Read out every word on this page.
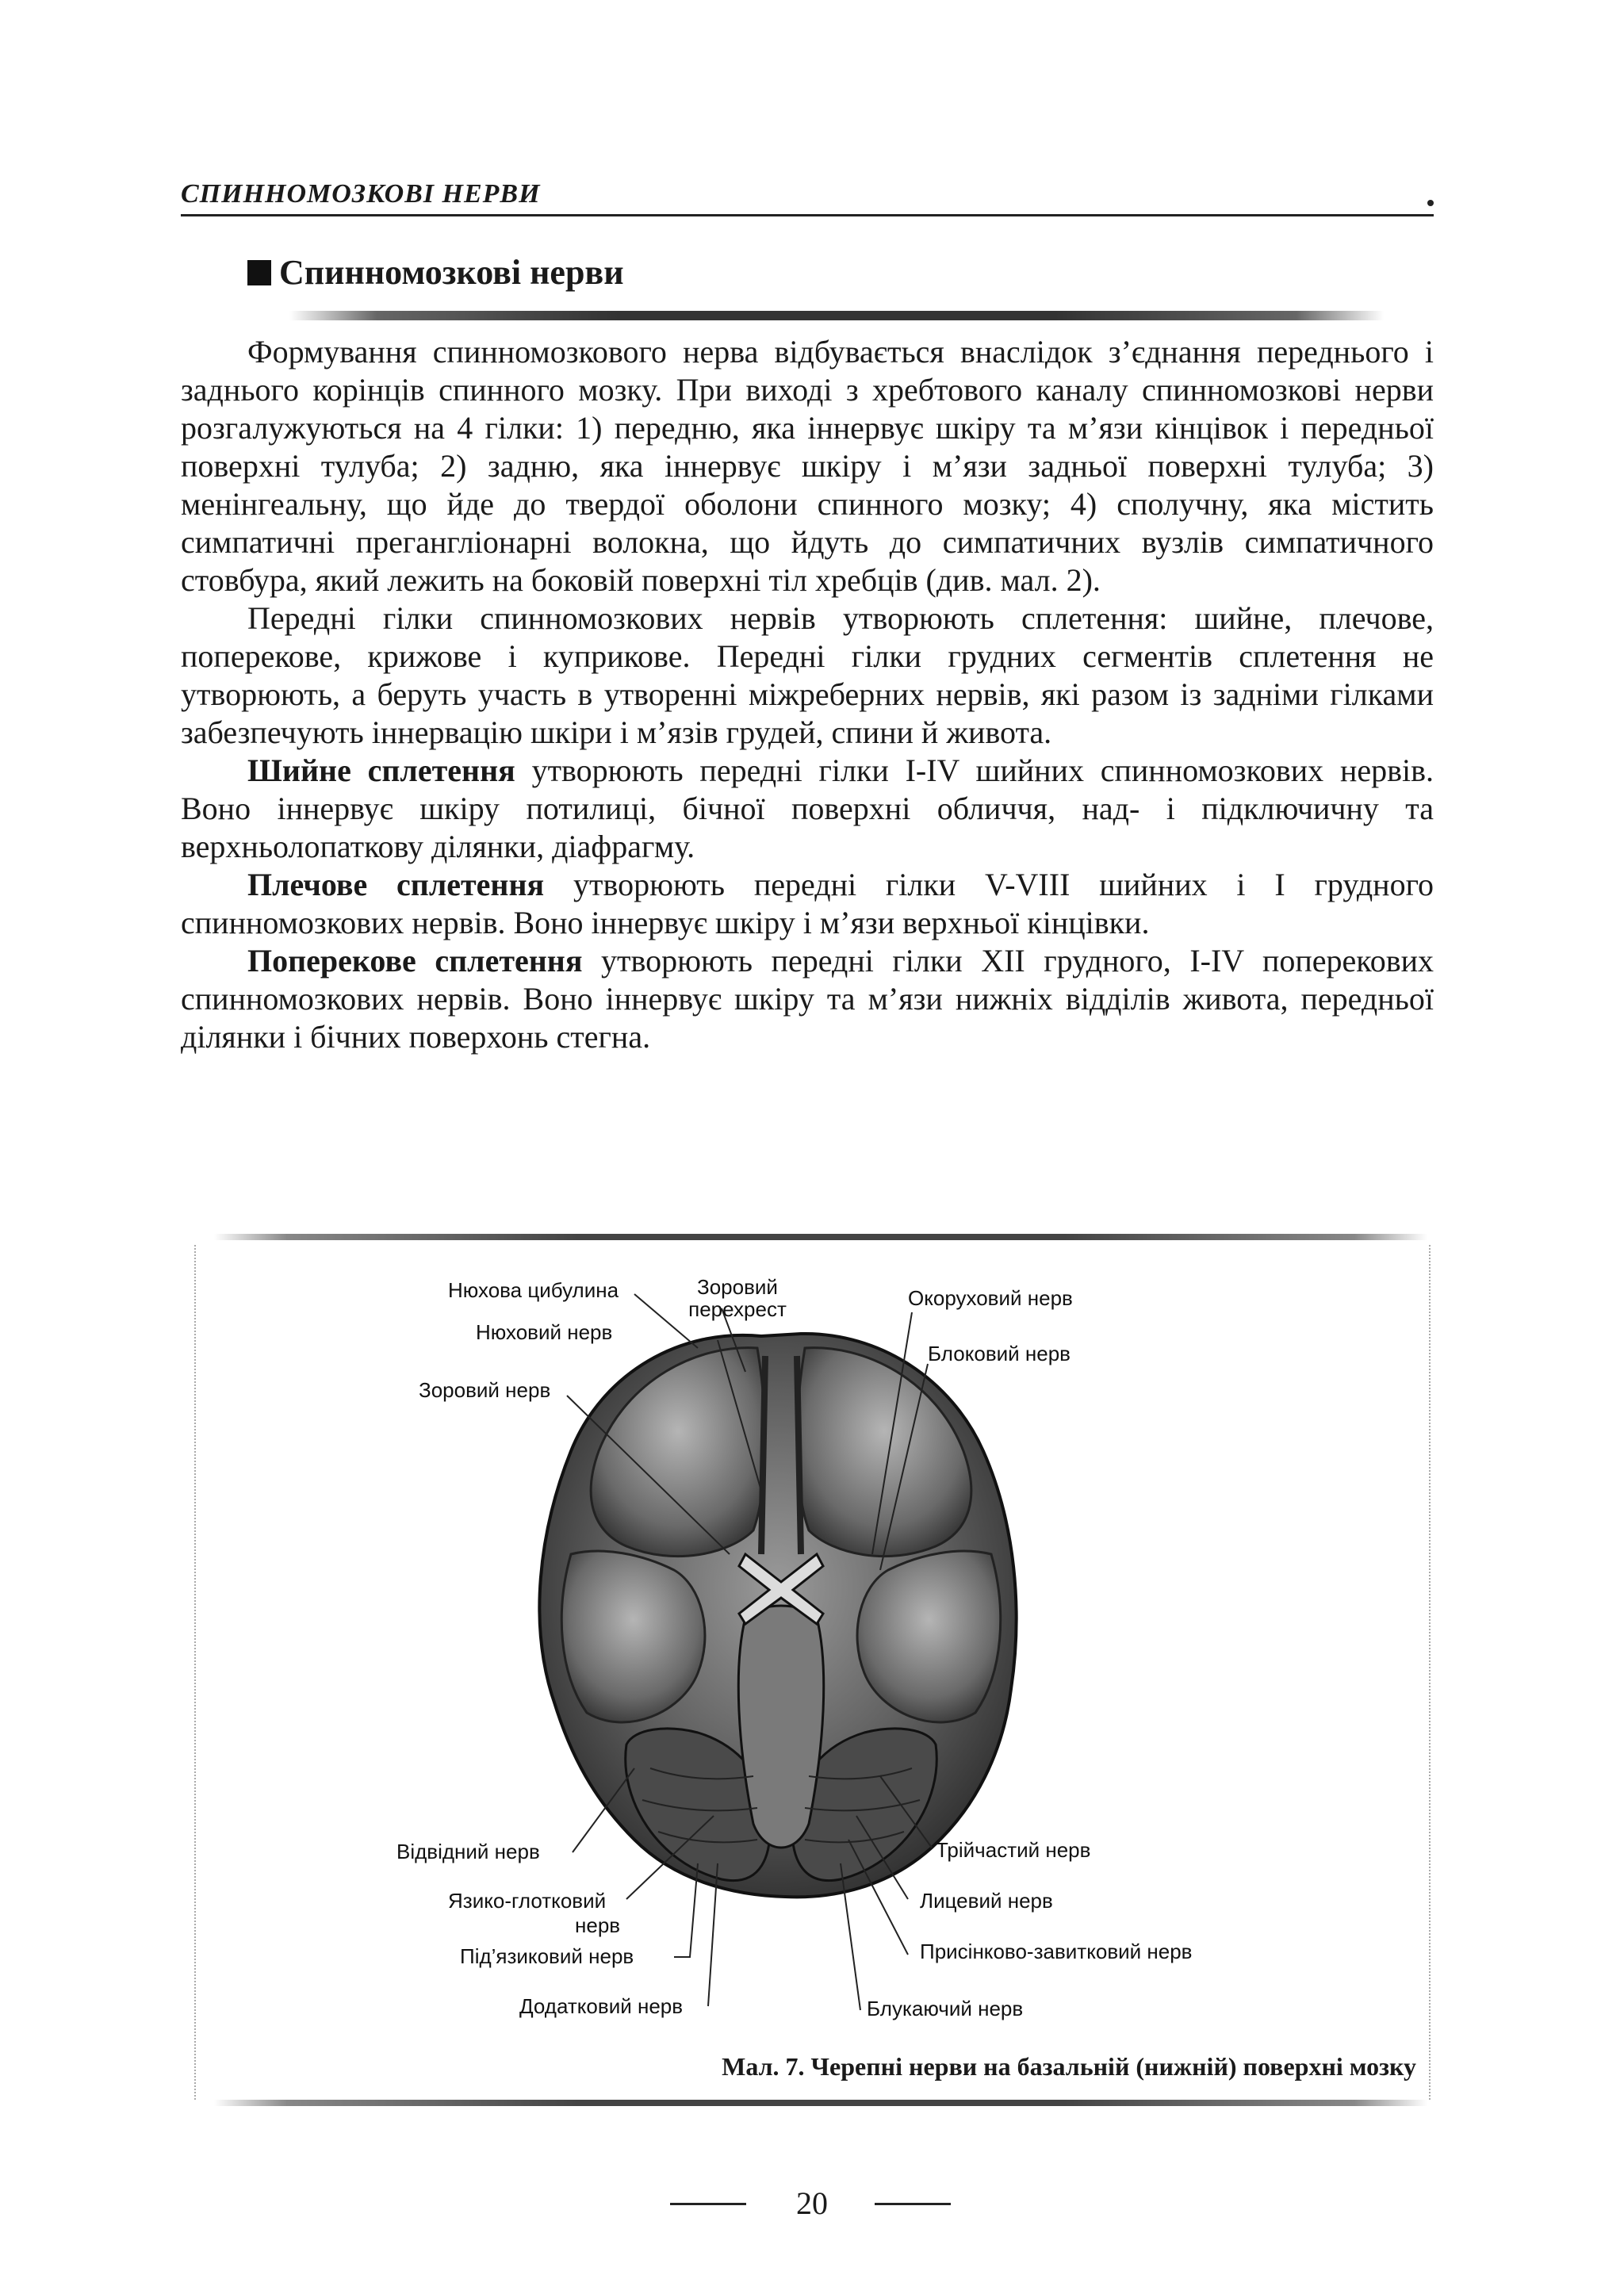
СПИННОМОЗКОВІ НЕРВИ
Спинномозкові нерви

Формування спинномозкового нерва відбувається внаслідок з’єднання переднього і заднього корінців спинного мозку. При виході з хребтового каналу спинномозкові нерви розгалужуються на 4 гілки: 1) передню, яка іннервує шкіру та м’язи кінцівок і передньої поверхні тулуба; 2) задню, яка іннервує шкіру і м’язи задньої поверхні тулуба; 3) менінгеальну, що йде до твердої оболони спинного мозку; 4) сполучну, яка містить симпатичні прегангліонарні волокна, що йдуть до симпатичних вузлів симпатичного стовбура, який лежить на боковій поверхні тіл хребців (див. мал. 2).

Передні гілки спинномозкових нервів утворюють сплетення: шийне, плечове, поперекове, крижове і куприкове. Передні гілки грудних сегментів сплетення не утворюють, а беруть участь в утворенні міжреберних нервів, які разом із задніми гілками забезпечують іннервацію шкіри і м’язів грудей, спини й живота.

Шийне сплетення утворюють передні гілки I-IV шийних спинномозкових нервів. Воно іннервує шкіру потилиці, бічної поверхні обличчя, над- і підключичну та верхньолопаткову ділянки, діафрагму.

Плечове сплетення утворюють передні гілки V-VIII шийних і I грудного спинномозкових нервів. Воно іннервує шкіру і м’язи верхньої кінцівки.

Поперекове сплетення утворюють передні гілки XII грудного, I-IV поперекових спинномозкових нервів. Воно іннервує шкіру та м’язи нижніх відділів живота, передньої ділянки і бічних поверхонь стегна.

Нюхова цибулина	Зоровий
перехрест	Окоруховий нерв
Нюховий нерв
Блоковий нерв
Зоровий нерв
Відвідний нерв	Трійчастий нерв
Язико-глотковий
нерв
Лицевий нерв
Під’язиковий нерв	Присінково-завитковий нерв
Додатковий нерв	Блукаючий нерв
Мал. 7. Черепні нерви на базальній (нижній) поверхні мозку
20
